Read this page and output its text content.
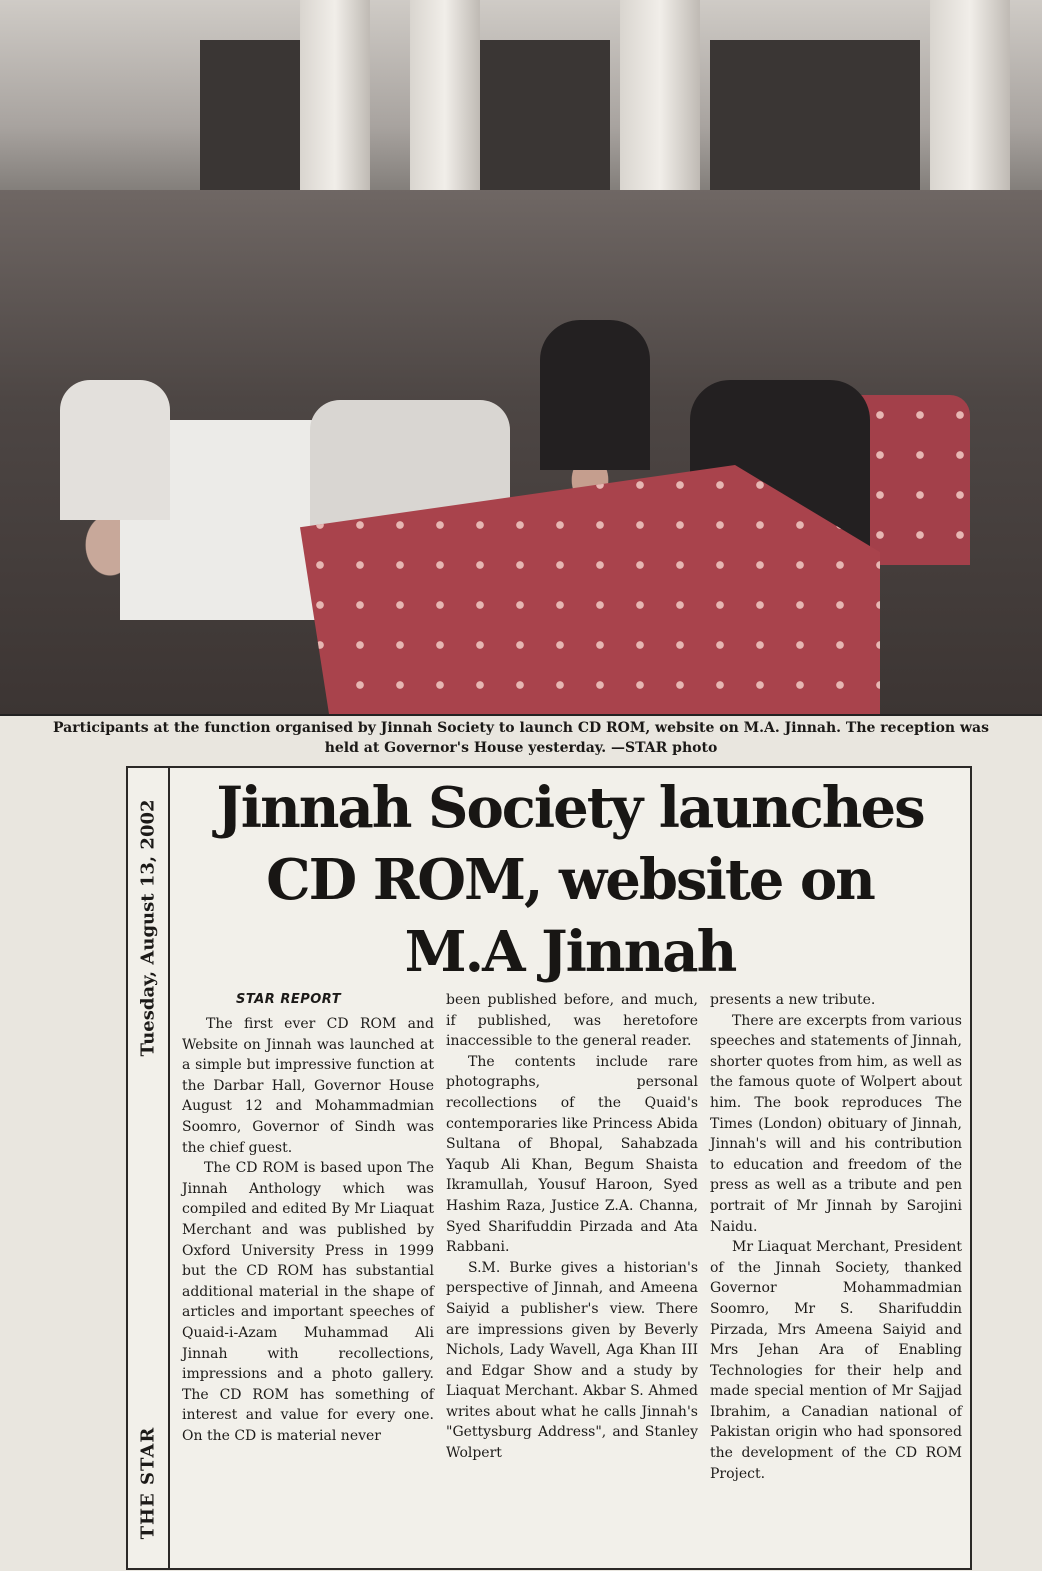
Participants at the function organised by Jinnah Society to launch CD ROM, website on M.A. Jinnah. The reception was
held at Governor's House yesterday. —STAR photo
Tuesday, August 13, 2002
THE STAR
Jinnah Society launches
CD ROM, website on
M.A Jinnah
STAR REPORT

The first ever CD ROM and Website on Jinnah was launched at a simple but impressive function at the Darbar Hall, Governor House August 12 and Mohammadmian Soomro, Governor of Sindh was the chief guest.

The CD ROM is based upon The Jinnah Anthology which was compiled and edited By Mr Liaquat Merchant and was published by Oxford University Press in 1999 but the CD ROM has substantial additional material in the shape of articles and important speeches of Quaid-i-Azam Muhammad Ali Jinnah with recollections, impressions and a photo gallery. The CD ROM has something of interest and value for every one. On the CD is material never

been published before, and much, if published, was heretofore inaccessible to the general reader.

The contents include rare photographs, personal recollections of the Quaid's contemporaries like Princess Abida Sultana of Bhopal, Sahabzada Yaqub Ali Khan, Begum Shaista Ikramullah, Yousuf Haroon, Syed Hashim Raza, Justice Z.A. Channa, Syed Sharifuddin Pirzada and Ata Rabbani.

S.M. Burke gives a historian's perspective of Jinnah, and Ameena Saiyid a publisher's view. There are impressions given by Beverly Nichols, Lady Wavell, Aga Khan III and Edgar Show and a study by Liaquat Merchant. Akbar S. Ahmed writes about what he calls Jinnah's "Gettysburg Address", and Stanley Wolpert

presents a new tribute.

There are excerpts from various speeches and statements of Jinnah, shorter quotes from him, as well as the famous quote of Wolpert about him. The book reproduces The Times (London) obituary of Jinnah, Jinnah's will and his contribution to education and freedom of the press as well as a tribute and pen portrait of Mr Jinnah by Sarojini Naidu.

Mr Liaquat Merchant, President of the Jinnah Society, thanked Governor Mohammadmian Soomro, Mr S. Sharifuddin Pirzada, Mrs Ameena Saiyid and Mrs Jehan Ara of Enabling Technologies for their help and made special mention of Mr Sajjad Ibrahim, a Canadian national of Pakistan origin who had sponsored the development of the CD ROM Project.
